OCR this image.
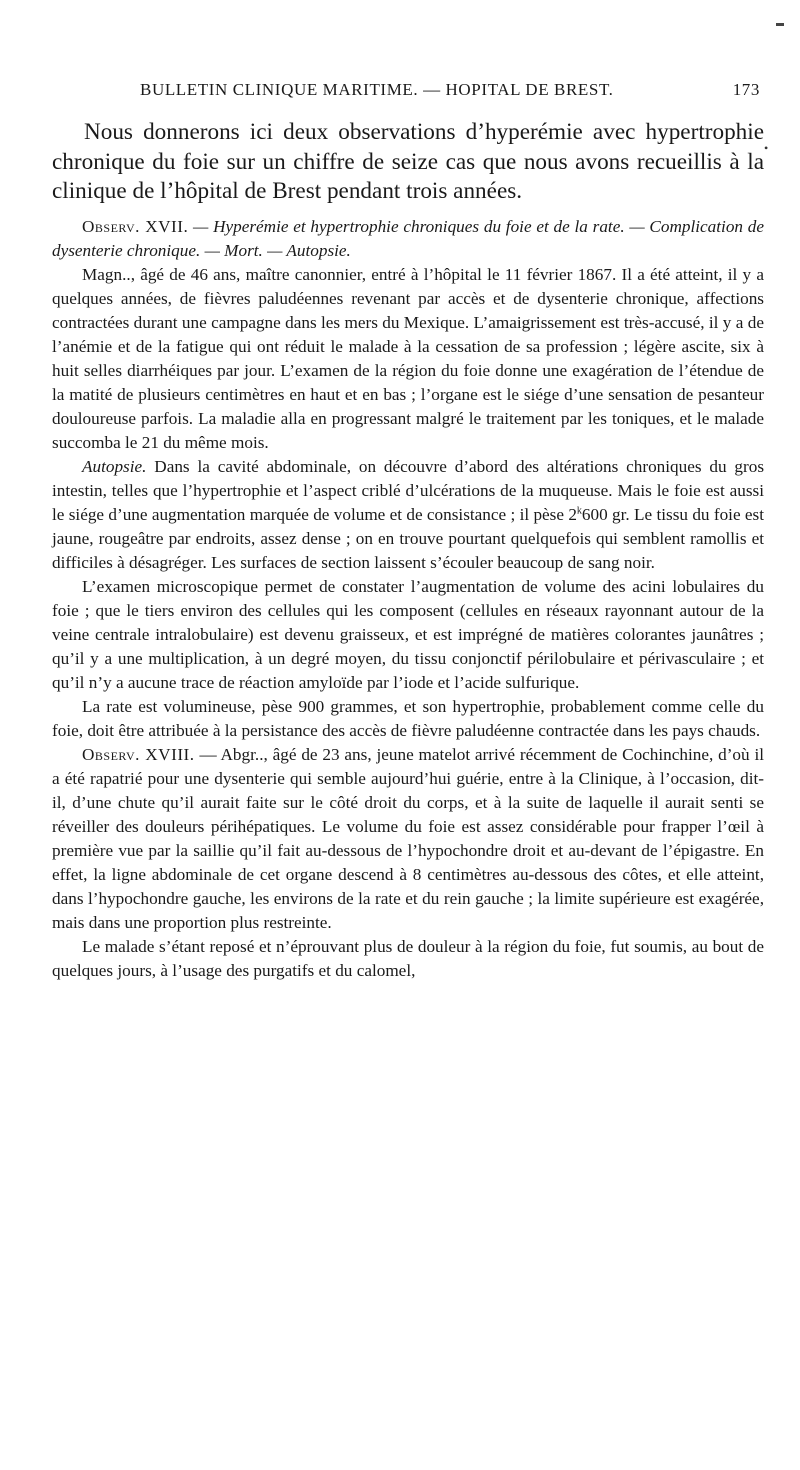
•
BULLETIN CLINIQUE MARITIME. — HOPITAL DE BREST.	173

Nous donnerons ici deux observations d’hyperémie avec hypertrophie chronique du foie sur un chiffre de seize cas que nous avons recueillis à la clinique de l’hôpital de Brest pendant trois années.

Observ. XVII. — Hyperémie et hypertrophie chroniques du foie et de la rate. — Complication de dysenterie chronique. — Mort. — Autopsie.

Magn.., âgé de 46 ans, maître canonnier, entré à l’hôpital le 11 février 1867. Il a été atteint, il y a quelques années, de fièvres paludéennes revenant par accès et de dysenterie chronique, affections contractées durant une campagne dans les mers du Mexique. L’amaigrissement est très-accusé, il y a de l’anémie et de la fatigue qui ont réduit le malade à la cessation de sa profession ; légère ascite, six à huit selles diarrhéiques par jour. L’examen de la région du foie donne une exagération de l’étendue de la matité de plusieurs centimètres en haut et en bas ; l’organe est le siége d’une sensation de pesanteur douloureuse parfois. La maladie alla en progressant malgré le traitement par les toniques, et le malade succomba le 21 du même mois.

Autopsie. Dans la cavité abdominale, on découvre d’abord des altérations chroniques du gros intestin, telles que l’hypertrophie et l’aspect criblé d’ulcérations de la muqueuse. Mais le foie est aussi le siége d’une augmentation marquée de volume et de consistance ; il pèse 2$^k$600 gr. Le tissu du foie est jaune, rougeâtre par endroits, assez dense ; on en trouve pourtant quelquefois qui semblent ramollis et difficiles à désagréger. Les surfaces de section laissent s’écouler beaucoup de sang noir.

L’examen microscopique permet de constater l’augmentation de volume des acini lobulaires du foie ; que le tiers environ des cellules qui les composent (cellules en réseaux rayonnant autour de la veine centrale intralobulaire) est devenu graisseux, et est imprégné de matières colorantes jaunâtres ; qu’il y a une multiplication, à un degré moyen, du tissu conjonctif périlobulaire et périvasculaire ; et qu’il n’y a aucune trace de réaction amyloïde par l’iode et l’acide sulfurique.

La rate est volumineuse, pèse 900 grammes, et son hypertrophie, probablement comme celle du foie, doit être attribuée à la persistance des accès de fièvre paludéenne contractée dans les pays chauds.

Observ. XVIII. — Abgr.., âgé de 23 ans, jeune matelot arrivé récemment de Cochinchine, d’où il a été rapatrié pour une dysenterie qui semble aujourd’hui guérie, entre à la Clinique, à l’occasion, dit-il, d’une chute qu’il aurait faite sur le côté droit du corps, et à la suite de laquelle il aurait senti se réveiller des douleurs périhépatiques. Le volume du foie est assez considérable pour frapper l’œil à première vue par la saillie qu’il fait au-dessous de l’hypochondre droit et au-devant de l’épigastre. En effet, la ligne abdominale de cet organe descend à 8 centimètres au-dessous des côtes, et elle atteint, dans l’hypochondre gauche, les environs de la rate et du rein gauche ; la limite supérieure est exagérée, mais dans une proportion plus restreinte.

Le malade s’étant reposé et n’éprouvant plus de douleur à la région du foie, fut soumis, au bout de quelques jours, à l’usage des purgatifs et du calomel,
